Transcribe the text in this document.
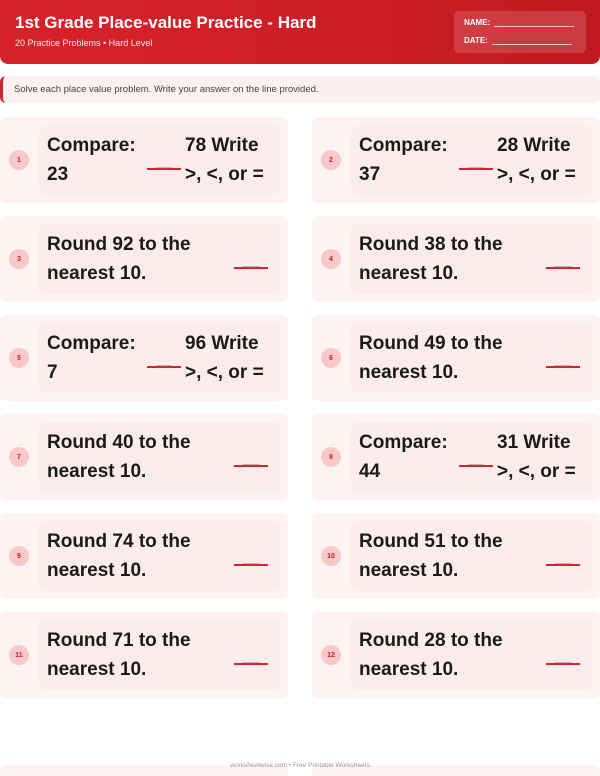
1st Grade Place-value Practice - Hard
20 Practice Problems • Hard Level
NAME:
DATE:
Solve each place value problem. Write your answer on the line provided.
1
Compare: 23
___
78 Write >, <, or =
2
Compare: 37
___
28 Write >, <, or =
3
Round 92 to the nearest 10.
___	4
Round 38 to the nearest 10.
___
5
Compare: 7
___
96 Write >, <, or =
6
Round 49 to the nearest 10.
___
7
Round 40 to the nearest 10.
___	8
Compare: 44
___
31 Write >, <, or =
9
Round 74 to the nearest 10.
___	10
Round 51 to the nearest 10.
___
11
Round 71 to the nearest 10.
___	12
Round 28 to the nearest 10.
___
worksheetwise.com • Free Printable Worksheets
